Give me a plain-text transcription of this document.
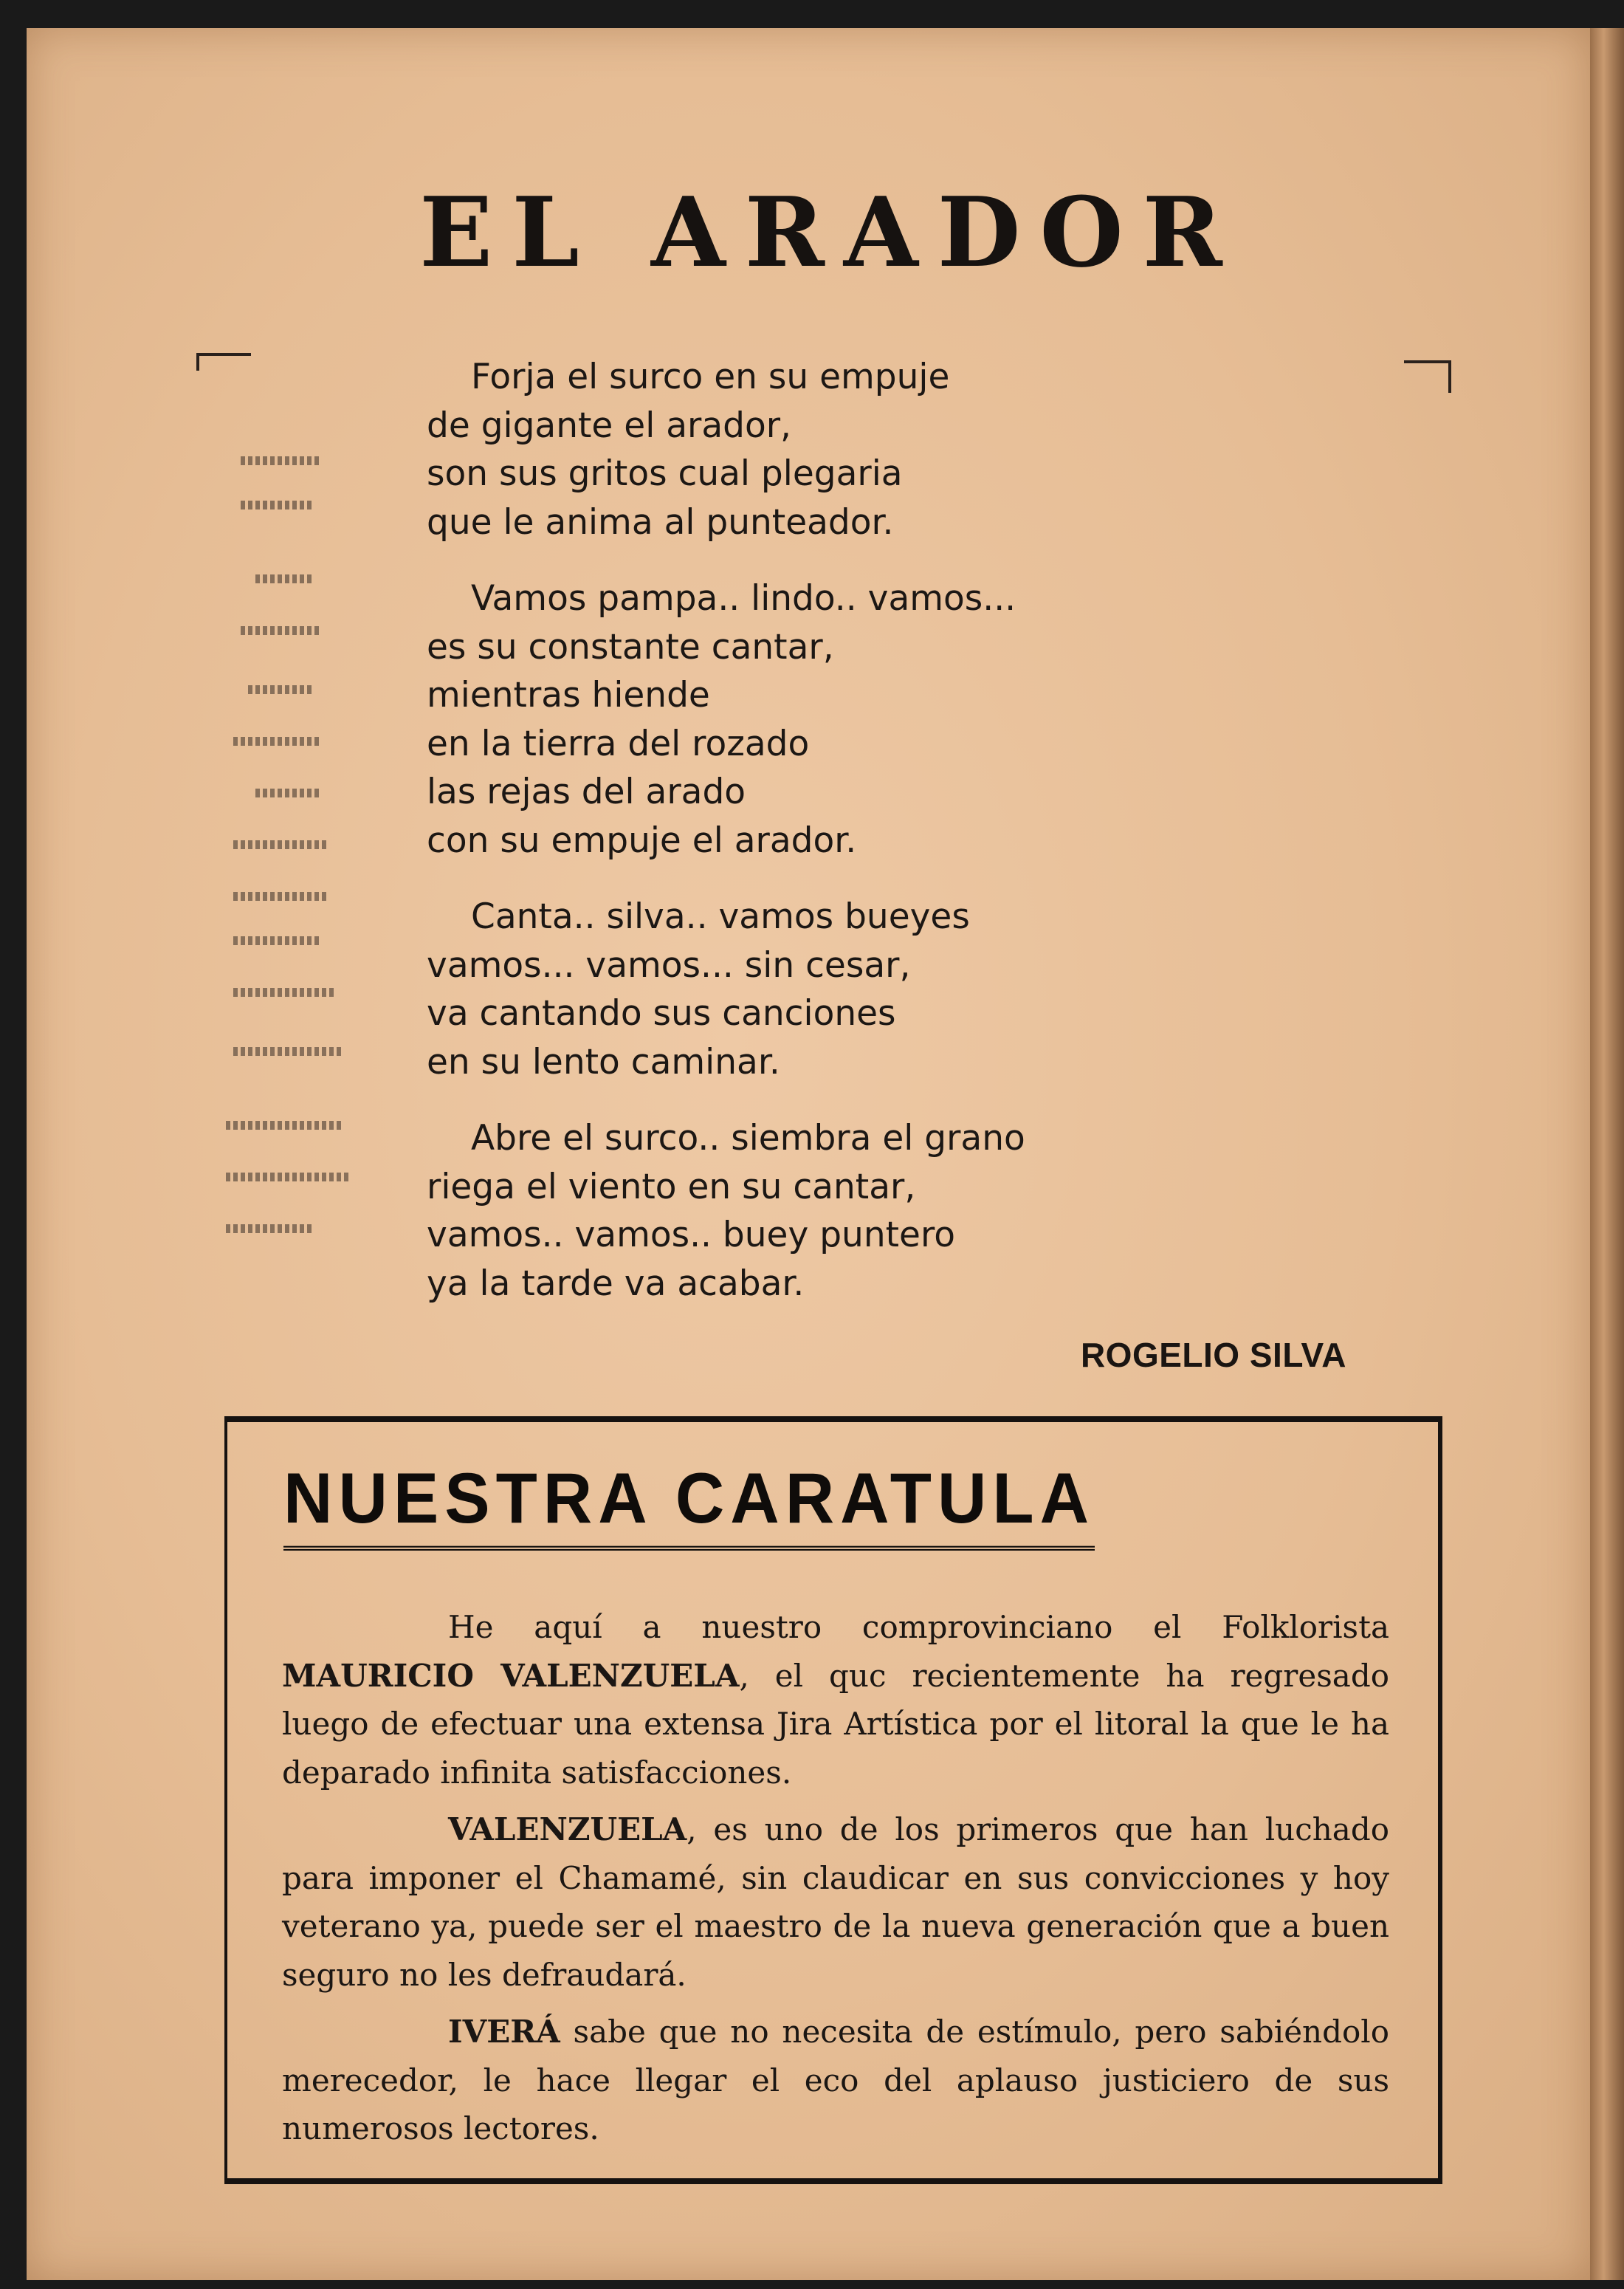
EL ARADOR
Forja el surco en su empuje
de gigante el arador,
son sus gritos cual plegaria
que le anima al punteador.
Vamos pampa.. lindo.. vamos...
es su constante cantar,
mientras hiende
en la tierra del rozado
las rejas del arado
con su empuje el arador.
Canta.. silva.. vamos bueyes
vamos... vamos... sin cesar,
va cantando sus canciones
en su lento caminar.
Abre el surco.. siembra el grano
riega el viento en su cantar,
vamos.. vamos.. buey puntero
ya la tarde va acabar.
ROGELIO SILVA
NUESTRA CARATULA

He aquí a nuestro comprovinciano el Folklorista MAURICIO VALENZUELA, el quc recientemente ha regresado luego de efectuar una extensa Jira Artística por el litoral la que le ha deparado infinita satisfacciones.

VALENZUELA, es uno de los primeros que han luchado para imponer el Chamamé, sin claudicar en sus convicciones y hoy veterano ya, puede ser el maestro de la nueva generación que a buen seguro no les defraudará.

IVERÁ sabe que no necesita de estímulo, pero sabiéndolo merecedor, le hace llegar el eco del aplauso justiciero de sus numerosos lectores.
